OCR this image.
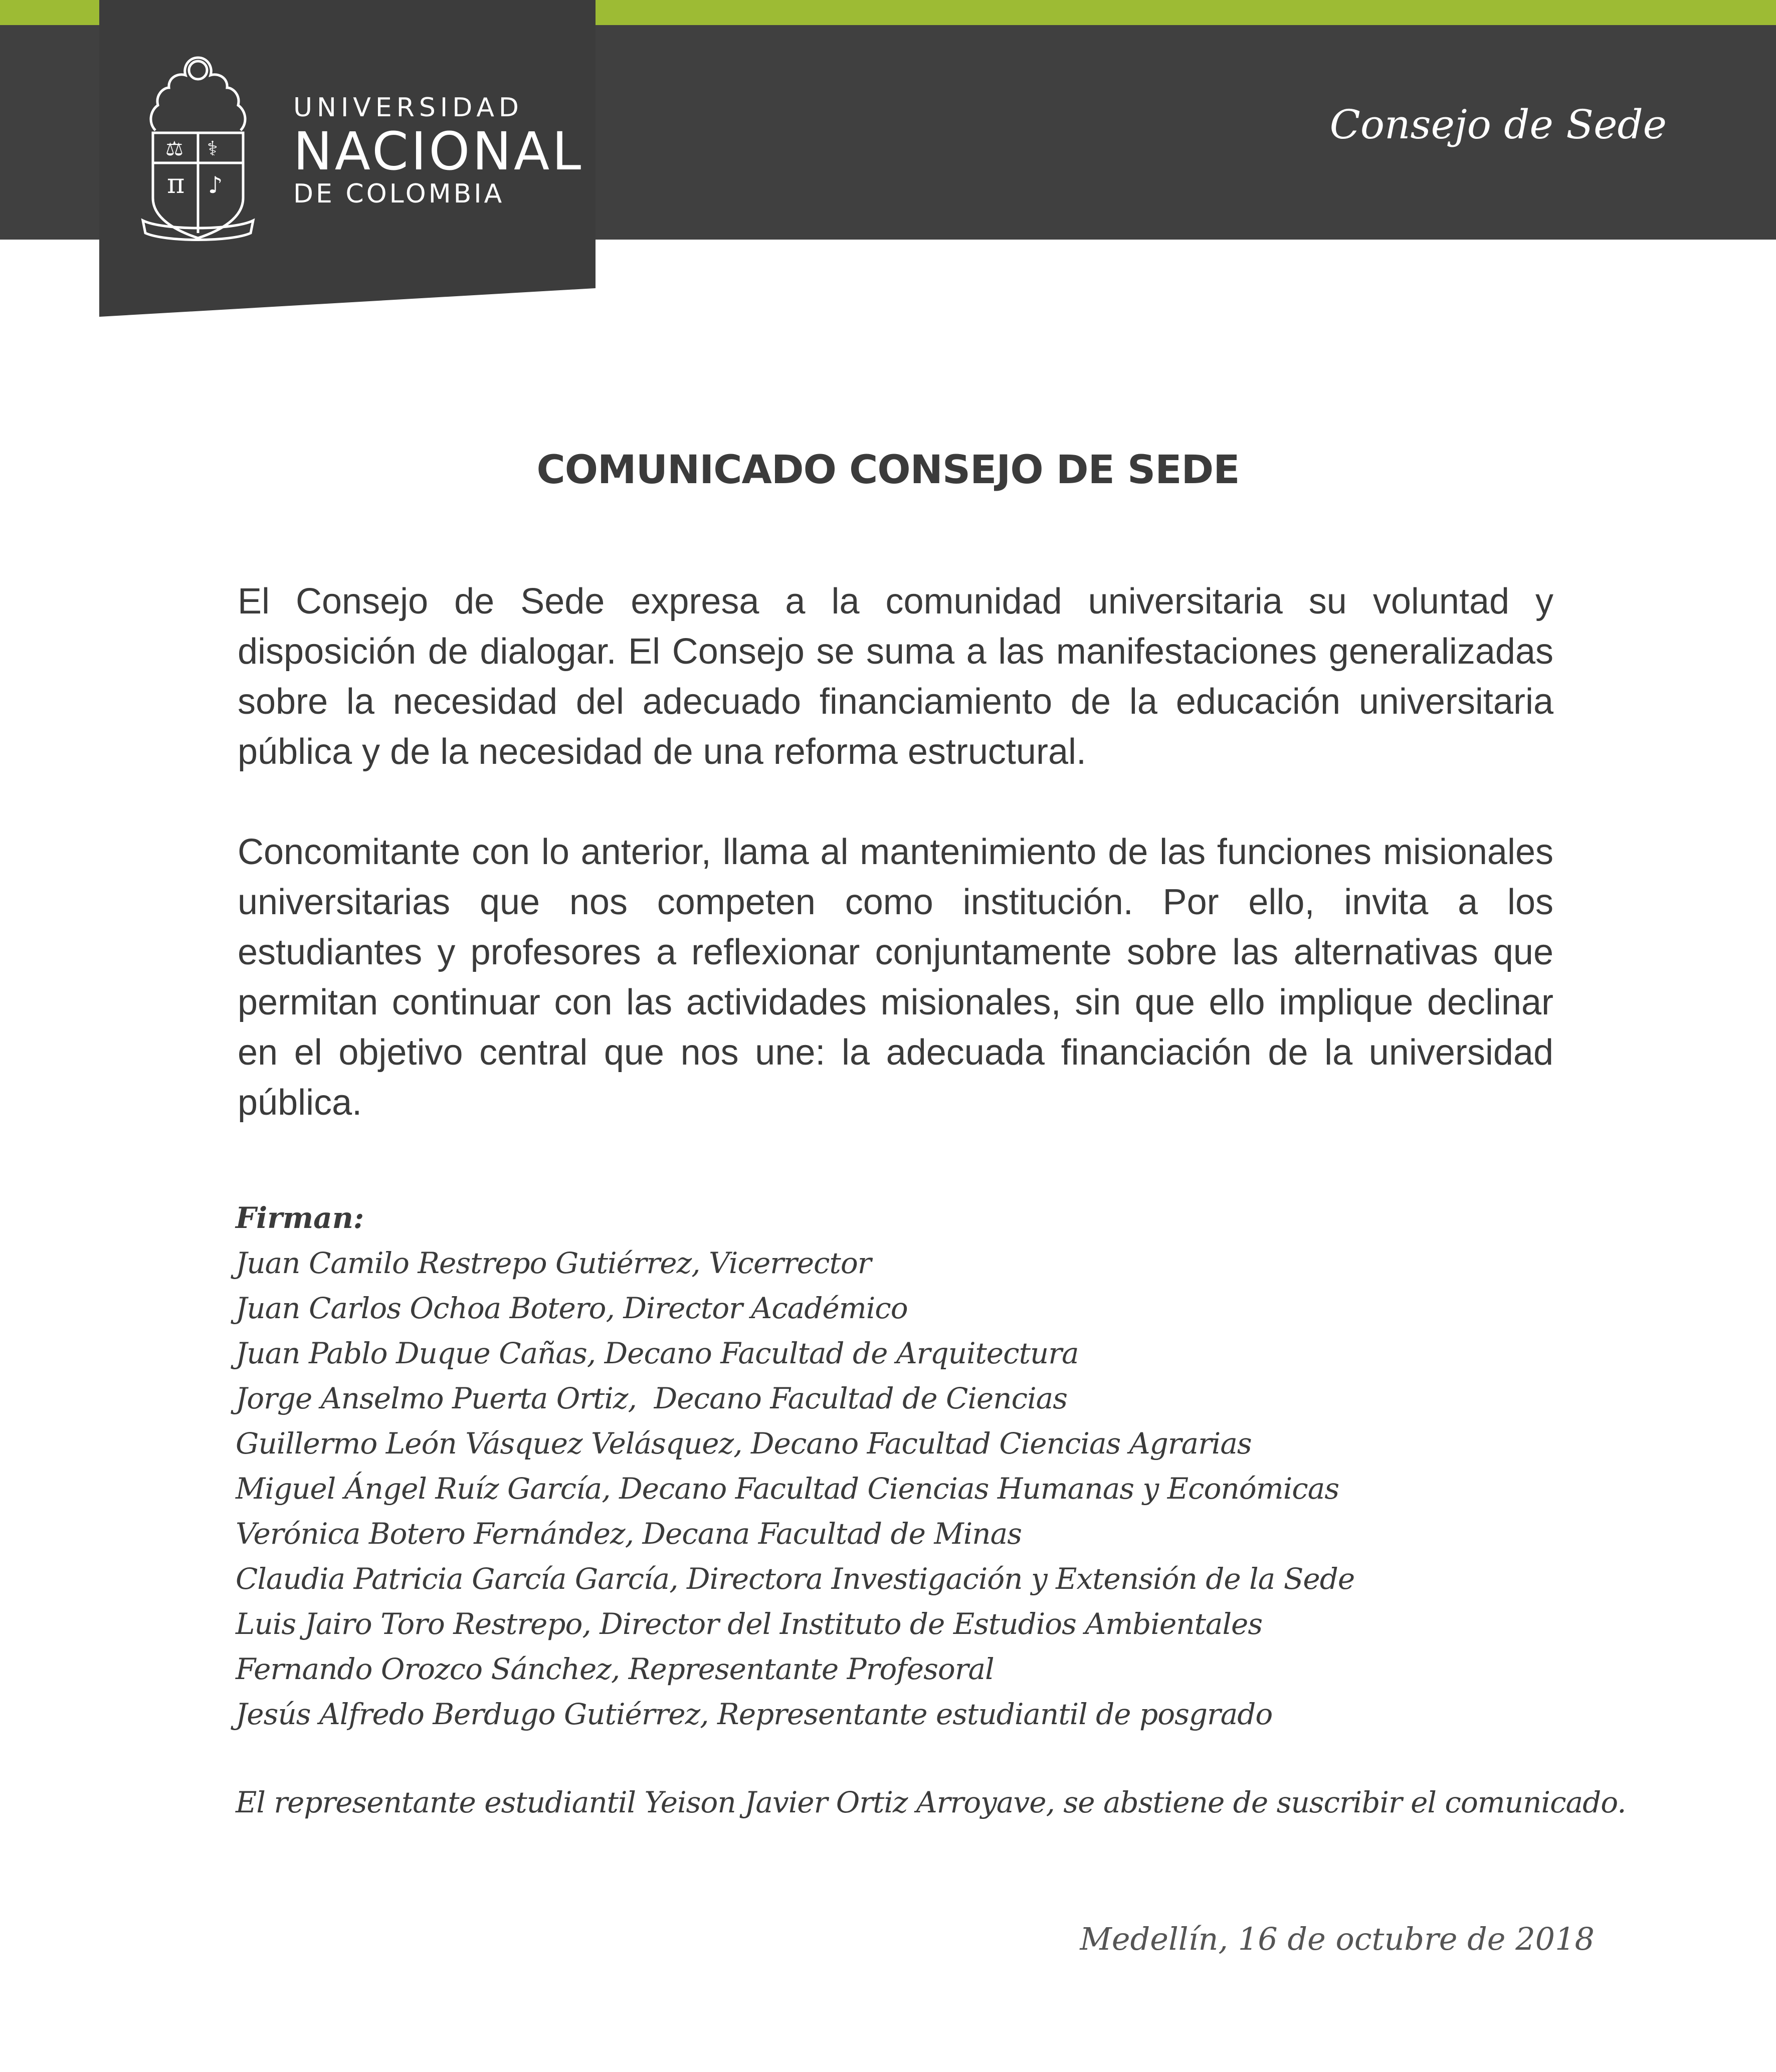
⚖ ⚕
π ♪
UNIVERSIDAD
NACIONAL
DE COLOMBIA
Consejo de Sede
COMUNICADO CONSEJO DE SEDE

El Consejo de Sede expresa a la comunidad universitaria su voluntad y disposición de dialogar. El Consejo se suma a las manifestaciones generalizadas sobre la necesidad del adecuado financiamiento de la educación universitaria pública y de la necesidad de una reforma estructural.

Concomitante con lo anterior, llama al mantenimiento de las funciones misionales universitarias que nos competen como institución. Por ello, invita a los estudiantes y profesores a reflexionar conjuntamente sobre las alternativas que permitan continuar con las actividades misionales, sin que ello implique declinar en el objetivo central que nos une: la adecuada financiación de la universidad pública.

Firman:
Juan Camilo Restrepo Gutiérrez, Vicerrector
Juan Carlos Ochoa Botero, Director Académico
Juan Pablo Duque Cañas, Decano Facultad de Arquitectura
Jorge Anselmo Puerta Ortiz,  Decano Facultad de Ciencias
Guillermo León Vásquez Velásquez, Decano Facultad Ciencias Agrarias
Miguel Ángel Ruíz García, Decano Facultad Ciencias Humanas y Económicas
Verónica Botero Fernández, Decana Facultad de Minas
Claudia Patricia García García, Directora Investigación y Extensión de la Sede
Luis Jairo Toro Restrepo, Director del Instituto de Estudios Ambientales
Fernando Orozco Sánchez, Representante Profesoral
Jesús Alfredo Berdugo Gutiérrez, Representante estudiantil de posgrado
El representante estudiantil Yeison Javier Ortiz Arroyave, se abstiene de suscribir el comunicado.
Medellín, 16 de octubre de 2018
